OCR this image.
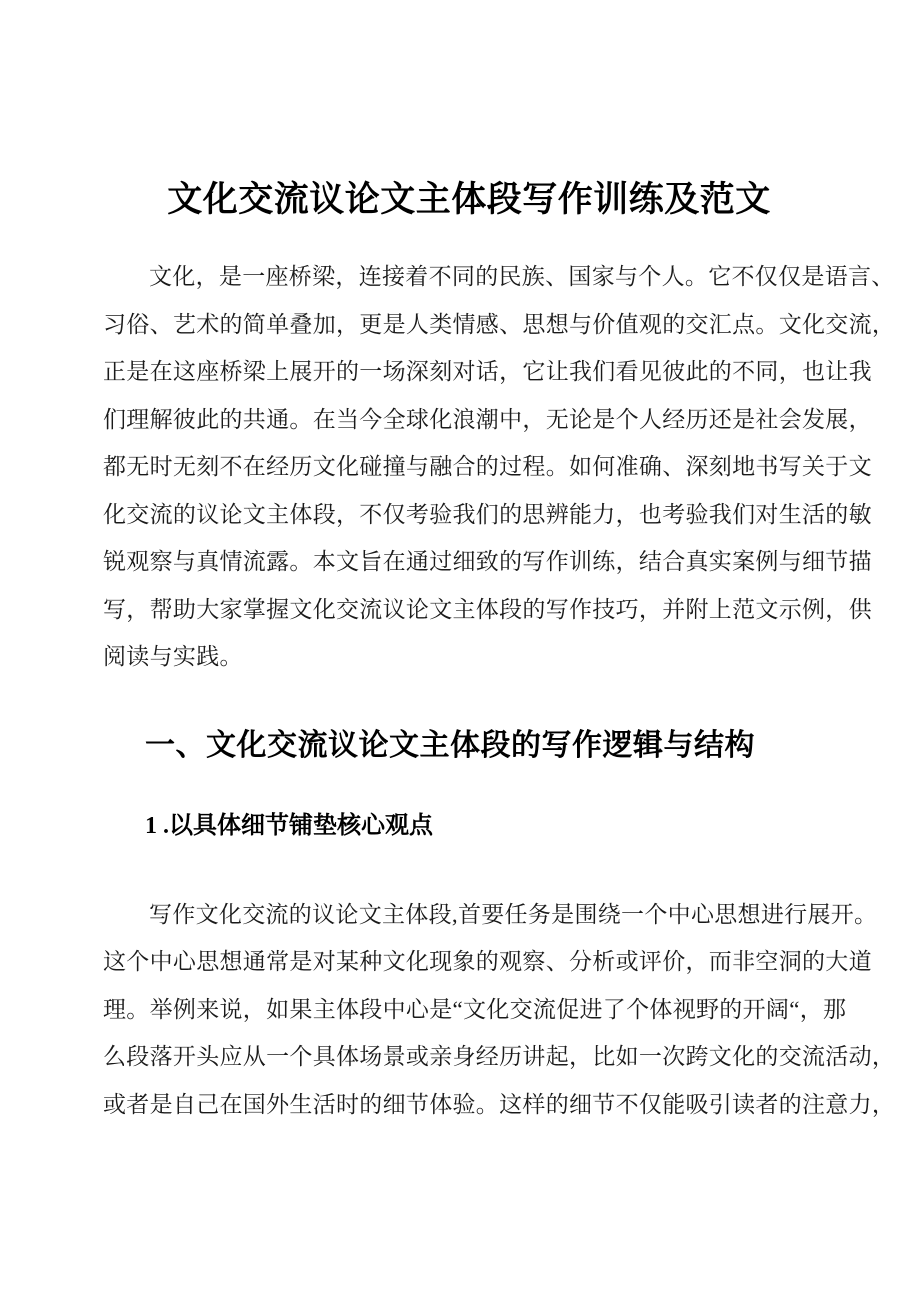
文化交流议论文主体段写作训练及范文
文化，是一座桥梁，连接着不同的民族、国家与个人。它不仅仅是语言、
习俗、艺术的简单叠加，更是人类情感、思想与价值观的交汇点。文化交流，
正是在这座桥梁上展开的一场深刻对话，它让我们看见彼此的不同，也让我
们理解彼此的共通。在当今全球化浪潮中，无论是个人经历还是社会发展，
都无时无刻不在经历文化碰撞与融合的过程。如何准确、深刻地书写关于文
化交流的议论文主体段，不仅考验我们的思辨能力，也考验我们对生活的敏
锐观察与真情流露。本文旨在通过细致的写作训练，结合真实案例与细节描
写，帮助大家掌握文化交流议论文主体段的写作技巧，并附上范文示例，供
阅读与实践。
一、文化交流议论文主体段的写作逻辑与结构
1 .以具体细节铺垫核心观点
写作文化交流的议论文主体段,首要任务是围绕一个中心思想进行展开。
这个中心思想通常是对某种文化现象的观察、分析或评价，而非空洞的大道
理。举例来说，如果主体段中心是“文化交流促进了个体视野的开阔“，那
么段落开头应从一个具体场景或亲身经历讲起，比如一次跨文化的交流活动，
或者是自己在国外生活时的细节体验。这样的细节不仅能吸引读者的注意力，
